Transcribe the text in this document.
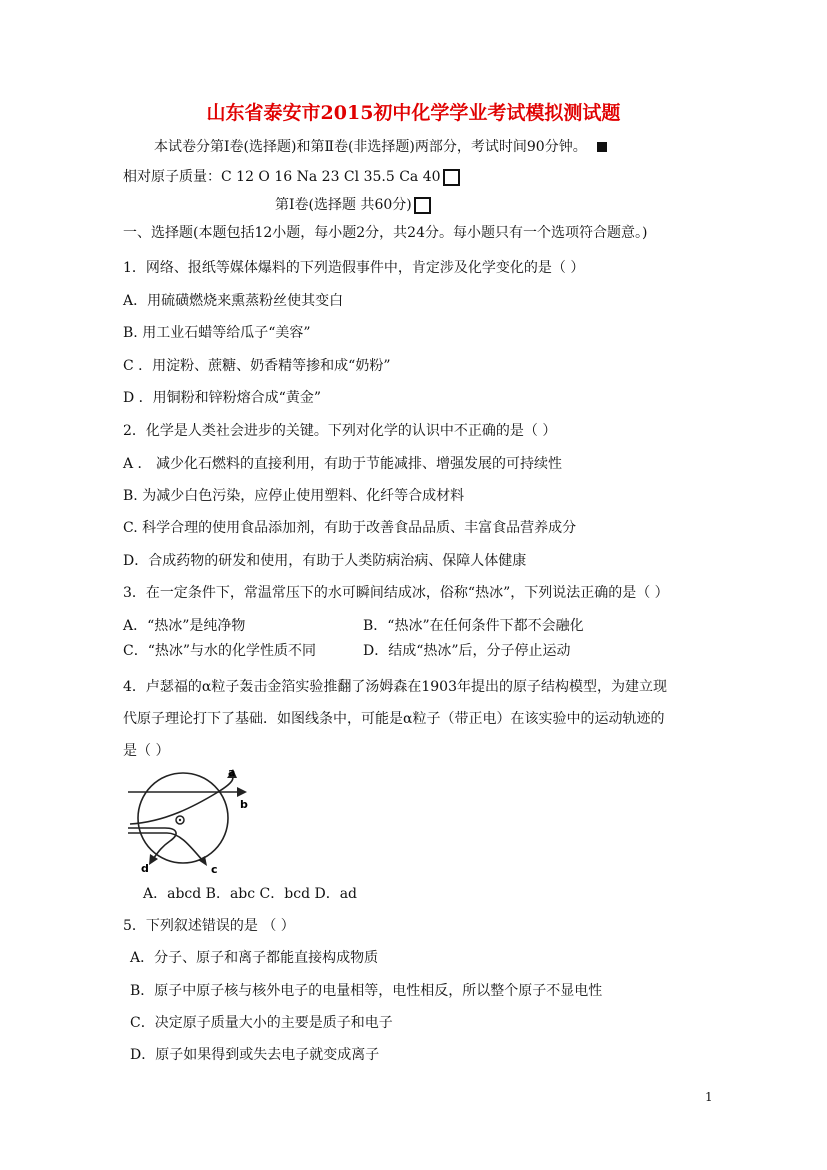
山东省泰安市2015初中化学学业考试模拟测试题
本试卷分第Ⅰ卷(选择题)和第Ⅱ卷(非选择题)两部分，考试时间90分钟。
相对原子质量：C 12 O 16 Na 23 Cl 35.5 Ca 40
第Ⅰ卷(选择题 共60分)
一、选择题(本题包括12小题，每小题2分，共24分。每小题只有一个选项符合题意。)
1．网络、报纸等媒体爆料的下列造假事件中，肯定涉及化学变化的是（ ）
A．用硫磺燃烧来熏蒸粉丝使其变白
B. 用工业石蜡等给瓜子“美容”
C ．用淀粉、蔗糖、奶香精等掺和成“奶粉”
D ．用铜粉和锌粉熔合成“黄金”
2．化学是人类社会进步的关键。下列对化学的认识中不正确的是（ ）
A ． 减少化石燃料的直接利用，有助于节能减排、增强发展的可持续性
B. 为减少白色污染，应停止使用塑料、化纤等合成材料
C. 科学合理的使用食品添加剂，有助于改善食品品质、丰富食品营养成分
D．合成药物的研发和使用，有助于人类防病治病、保障人体健康
3．在一定条件下，常温常压下的水可瞬间结成冰，俗称“热冰”，下列说法正确的是（ ）
A．“热冰”是纯净物	B．“热冰”在任何条件下都不会融化
C．“热冰”与水的化学性质不同	D．结成“热冰”后，分子停止运动
4．卢瑟福的α粒子轰击金箔实验推翻了汤姆森在1903年提出的原子结构模型，为建立现
代原子理论打下了基础．如图线条中，可能是α粒子（带正电）在该实验中的运动轨迹的
是（ ）
a
b
c
d
A．abcd B．abc C．bcd D．ad
5．下列叙述错误的是 （ ）
A．分子、原子和离子都能直接构成物质
B．原子中原子核与核外电子的电量相等，电性相反，所以整个原子不显电性
C．决定原子质量大小的主要是质子和电子
D．原子如果得到或失去电子就变成离子
1
